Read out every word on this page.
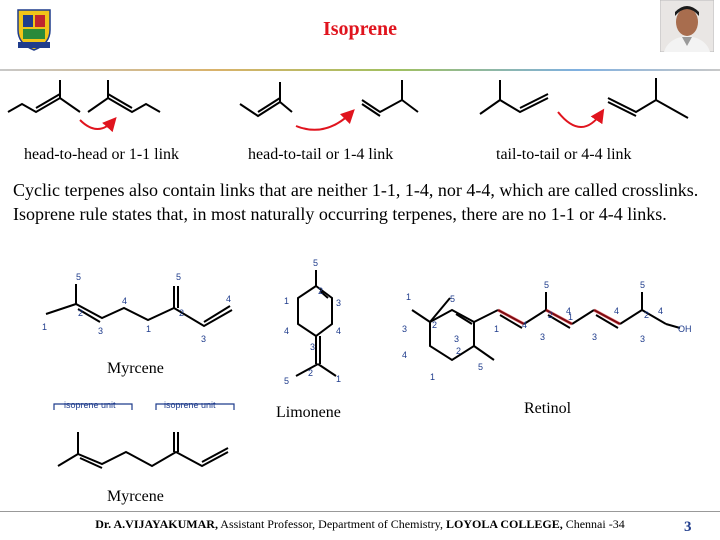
Isoprene
head-to-head or 1-1 link	head-to-tail or 1-4 link	tail-to-tail or 4-4 link
Cyclic terpenes also contain links that are neither 1-1, 1-4, nor 4-4, which are called crosslinks.
Isoprene rule states that, in most naturally occurring terpenes, there are no 1-1 or 4-4 links.
1
5
2
3
4
1
5
2
3
4
Myrcene
5
2
3
4
4
1
3
2
5	1
Limonene
1	5
2
3
4
3
2
1
5
1	4
3
5
2 1
3
4	4
5
2
3
4
OH
Retinol
isoprene unit	isoprene unit
Myrcene
Dr. A.VIJAYAKUMAR, Assistant Professor, Department of Chemistry, LOYOLA COLLEGE, Chennai -34	3
